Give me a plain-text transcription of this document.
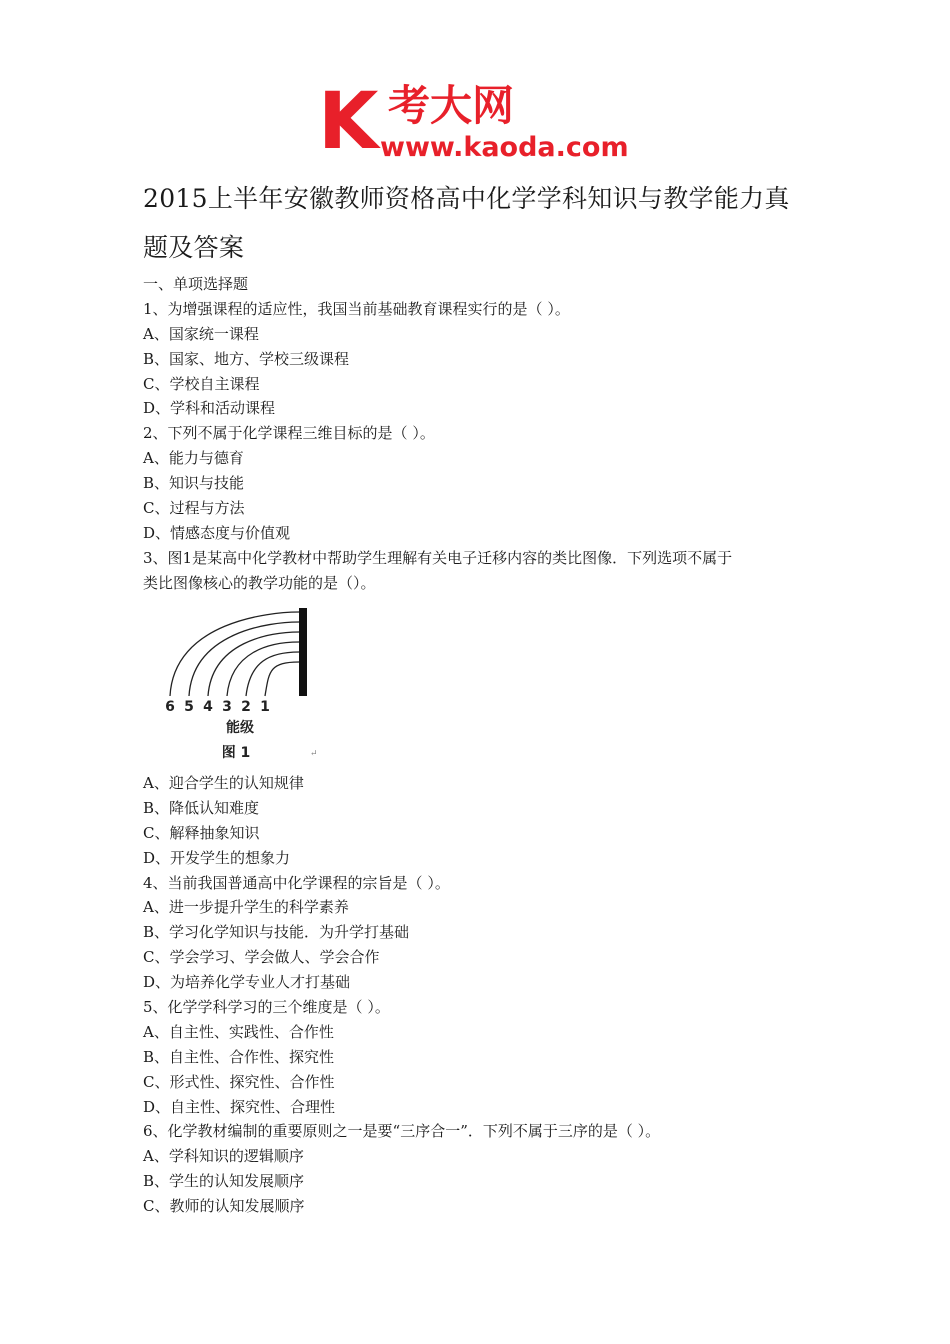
K 考大网
www.kaoda.com
2015上半年安徽教师资格高中化学学科知识与教学能力真
题及答案
一、单项选择题
1、为增强课程的适应性，我国当前基础教育课程实行的是（ ）。
A、国家统一课程
B、国家、地方、学校三级课程
C、学校自主课程
D、学科和活动课程
2、下列不属于化学课程三维目标的是（ ）。
A、能力与德育
B、知识与技能
C、过程与方法
D、情感态度与价值观
3、图1是某高中化学教材中帮助学生理解有关电子迁移内容的类比图像．下列选项不属于
类比图像核心的教学功能的是（）。
6 5 4 3 2 1
能级
图 1	↵
A、迎合学生的认知规律
B、降低认知难度
C、解释抽象知识
D、开发学生的想象力
4、当前我国普通高中化学课程的宗旨是（ ）。
A、进一步提升学生的科学素养
B、学习化学知识与技能．为升学打基础
C、学会学习、学会做人、学会合作
D、为培养化学专业人才打基础
5、化学学科学习的三个维度是（ ）。
A、自主性、实践性、合作性
B、自主性、合作性、探究性
C、形式性、探究性、合作性
D、自主性、探究性、合理性
6、化学教材编制的重要原则之一是要“三序合一”．下列不属于三序的是（ ）。
A、学科知识的逻辑顺序
B、学生的认知发展顺序
C、教师的认知发展顺序
